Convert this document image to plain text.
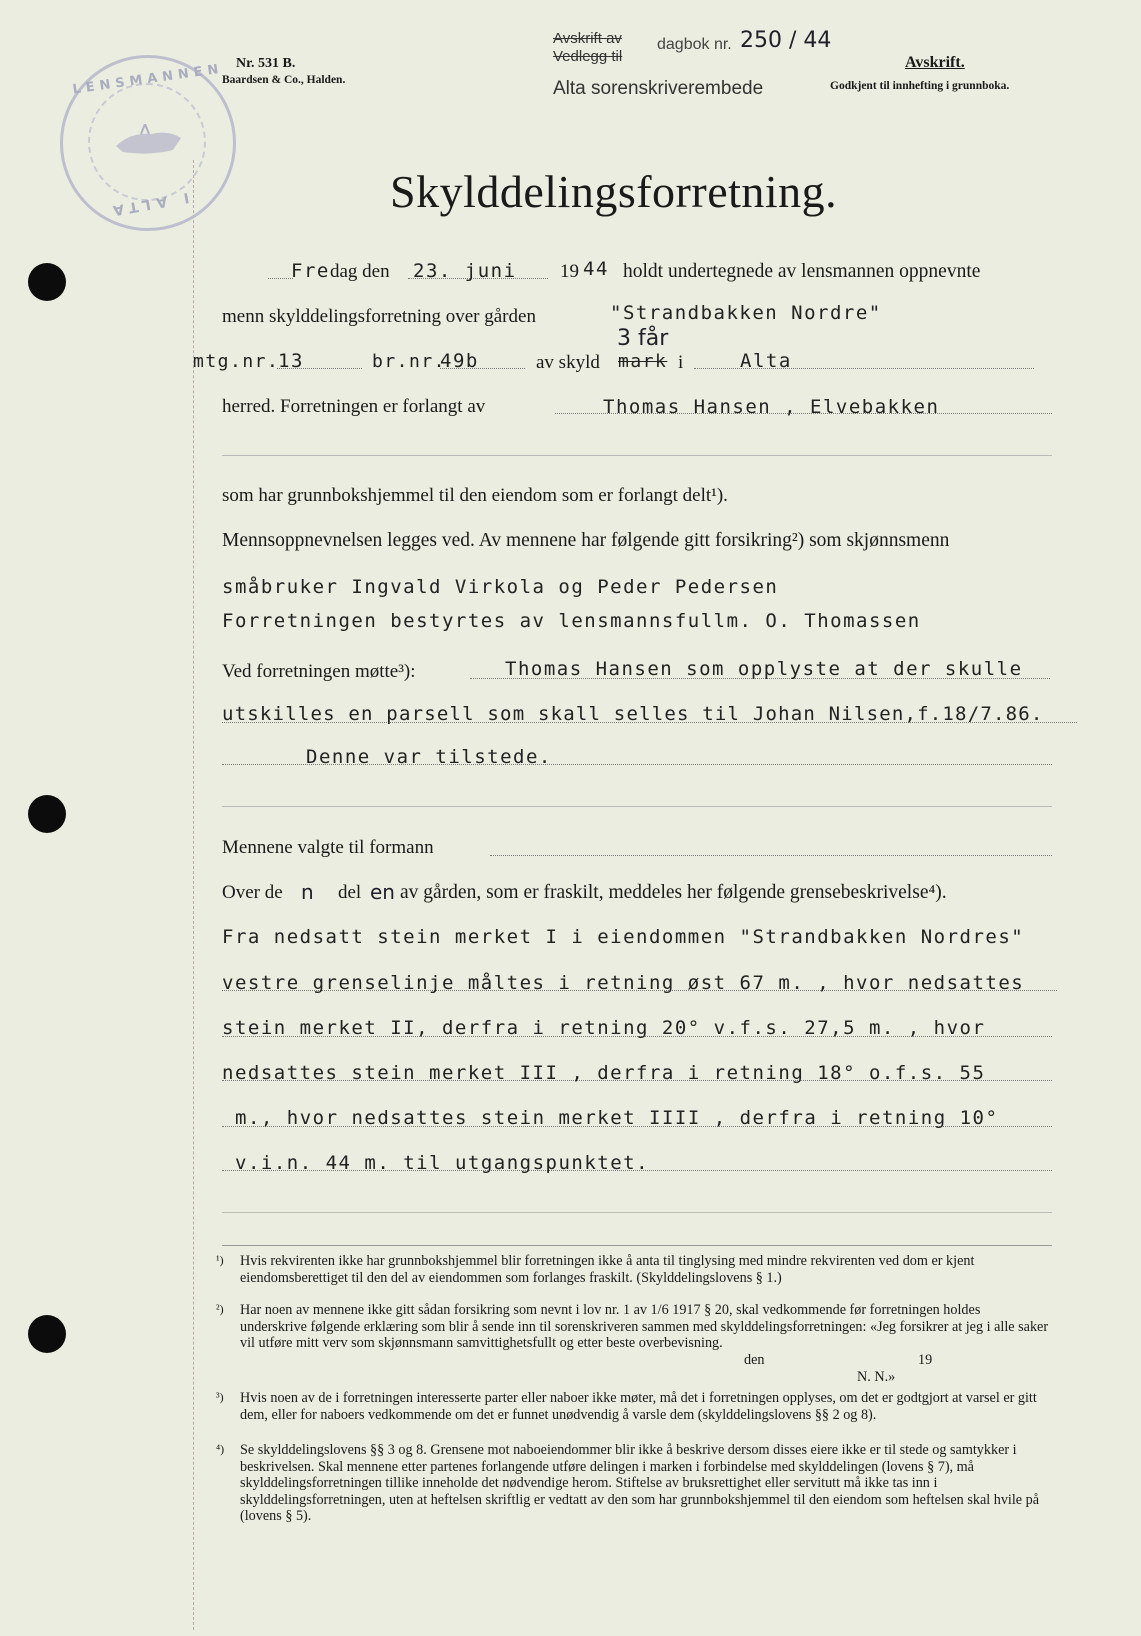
LENSMANNEN
I ALTA
Nr. 531 B.
Baardsen & Co., Halden.
Avskrift av
Vedlegg til
dagbok nr. 250 / 44
Alta sorenskriverembede
Avskrift.
Godkjent til innhefting i grunnboka.
Skylddelingsforretning.
Fre dag den 23. juni 19 44 holdt undertegnede av lensmannen oppnevnte
menn skylddelingsforretning over gården	"Strandbakken Nordre"
mtg.nr.
13	br.nr.
49b	av skyld
3 får
mark i	Alta
herred. Forretningen er forlangt av	Thomas Hansen , Elvebakken
som har grunnbokshjemmel til den eiendom som er forlangt delt¹).
Mennsoppnevnelsen legges ved. Av mennene har følgende gitt forsikring²) som skjønnsmenn
småbruker Ingvald Virkola og Peder Pedersen
Forretningen bestyrtes av lensmannsfullm. O. Thomassen
Ved forretningen møtte³):	Thomas Hansen som opplyste at der skulle
utskilles en parsell som skall selles til Johan Nilsen,f.18/7.86.
Denne var tilstede.
Mennene valgte til formann
Over de n del en av gården, som er fraskilt, meddeles her følgende grensebeskrivelse⁴).
Fra nedsatt stein merket I i eiendommen "Strandbakken Nordres"
vestre grenselinje måltes i retning øst 67 m. , hvor nedsattes
stein merket II, derfra i retning 20° v.f.s. 27,5 m. , hvor
nedsattes stein merket III , derfra i retning 18° o.f.s. 55
m., hvor nedsattes stein merket IIII , derfra i retning 10°
v.i.n. 44 m. til utgangspunktet.
¹) Hvis rekvirenten ikke har grunnbokshjemmel blir forretningen ikke å anta til tinglysing med mindre rekvirenten ved dom er kjent eiendomsberettiget til den del av eiendommen som forlanges fraskilt. (Skylddelingslovens § 1.)
²) Har noen av mennene ikke gitt sådan forsikring som nevnt i lov nr. 1 av 1/6 1917 § 20, skal vedkommende før forretningen holdes underskrive følgende erklæring som blir å sende inn til sorenskriveren sammen med skylddelingsforretningen: «Jeg forsikrer at jeg i alle saker vil utføre mitt verv som skjønnsmann samvittighetsfullt og etter beste overbevisning.
den	19
N. N.»
³) Hvis noen av de i forretningen interesserte parter eller naboer ikke møter, må det i forretningen opplyses, om det er godtgjort at varsel er gitt dem, eller for naboers vedkommende om det er funnet unødvendig å varsle dem (skylddelingslovens §§ 2 og 8).
⁴) Se skylddelingslovens §§ 3 og 8. Grensene mot naboeiendommer blir ikke å beskrive dersom disses eiere ikke er til stede og samtykker i beskrivelsen. Skal mennene etter partenes forlangende utføre delingen i marken i forbindelse med skylddelingen (lovens § 7), må skylddelingsforretningen tillike inneholde det nødvendige herom. Stiftelse av bruksrettighet eller servitutt må ikke tas inn i skylddelingsforretningen, uten at heftelsen skriftlig er vedtatt av den som har grunnbokshjemmel til den eiendom som heftelsen skal hvile på (lovens § 5).
